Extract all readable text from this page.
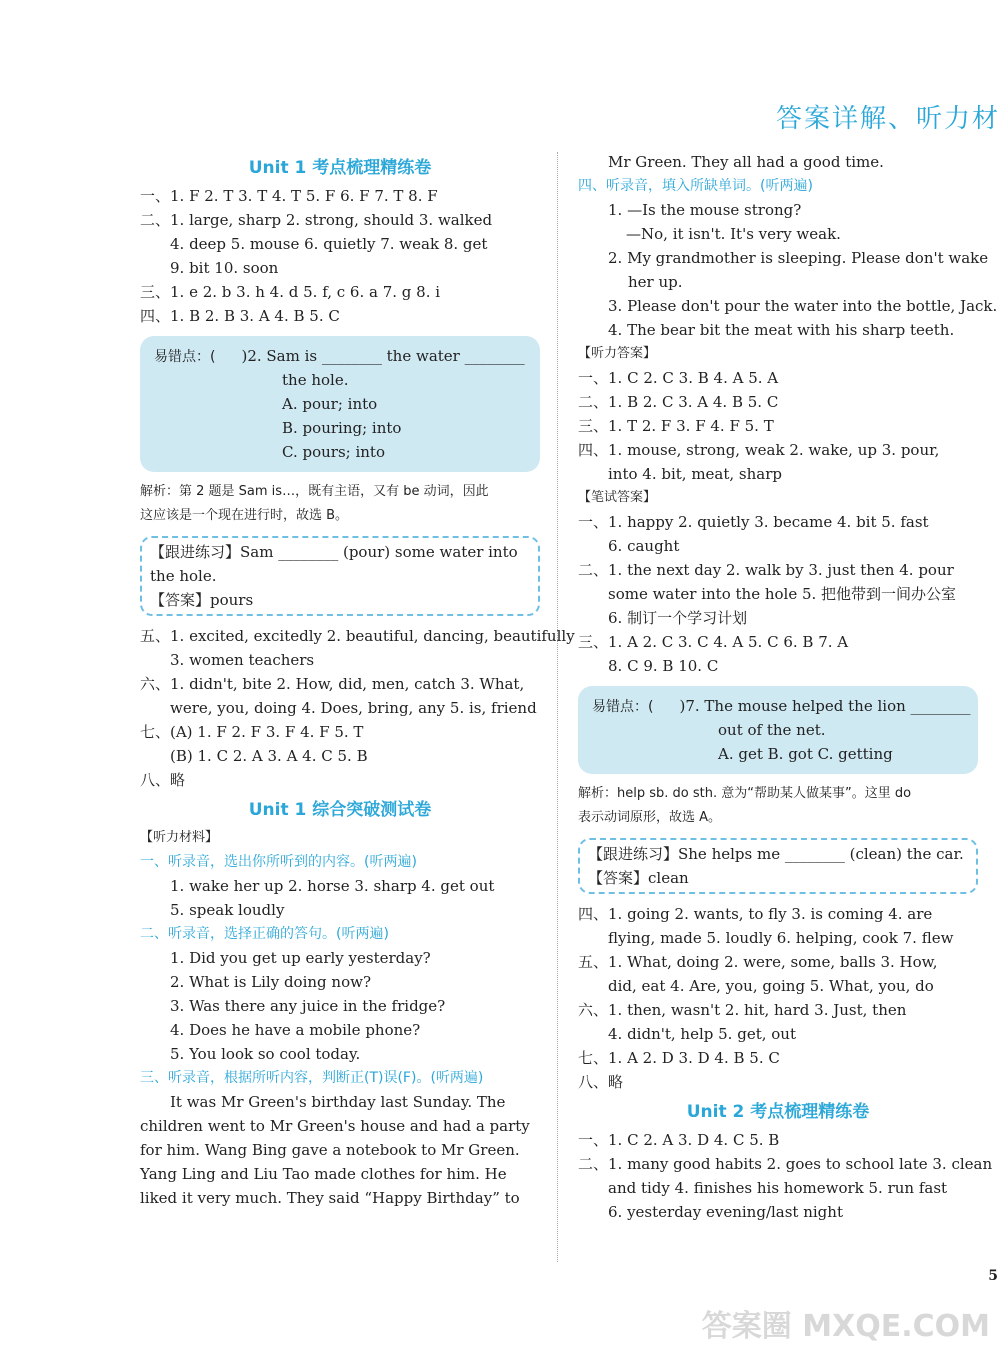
答案详解、听力材
Unit 1 考点梳理精练卷
一、1. F 2. T 3. T 4. T 5. F 6. F 7. T 8. F
二、1. large, sharp 2. strong, should 3. walked
4. deep 5. mouse 6. quietly 7. weak 8. get
9. bit 10. soon
三、1. e 2. b 3. h 4. d 5. f, c 6. a 7. g 8. i
四、1. B 2. B 3. A 4. B 5. C
易错点：( )2. Sam is ________ the water ________
the hole.
A. pour; into
B. pouring; into
C. pours; into
解析：第 2 题是 Sam is…，既有主语，又有 be 动词，因此
这应该是一个现在进行时，故选 B。
【跟进练习】Sam ________ (pour) some water into
the hole.
【答案】pours
五、1. excited, excitedly 2. beautiful, dancing, beautifully
3. women teachers
六、1. didn't, bite 2. How, did, men, catch 3. What,
were, you, doing 4. Does, bring, any 5. is, friend
七、(A) 1. F 2. F 3. F 4. F 5. T
(B) 1. C 2. A 3. A 4. C 5. B
八、略
Unit 1 综合突破测试卷
【听力材料】
一、听录音，选出你所听到的内容。(听两遍)
1. wake her up 2. horse 3. sharp 4. get out
5. speak loudly
二、听录音，选择正确的答句。(听两遍)
1. Did you get up early yesterday?
2. What is Lily doing now?
3. Was there any juice in the fridge?
4. Does he have a mobile phone?
5. You look so cool today.
三、听录音，根据所听内容，判断正(T)误(F)。(听两遍)
It was Mr Green's birthday last Sunday. The
children went to Mr Green's house and had a party
for him. Wang Bing gave a notebook to Mr Green.
Yang Ling and Liu Tao made clothes for him. He
liked it very much. They said “Happy Birthday” to
Mr Green. They all had a good time.
四、听录音，填入所缺单词。(听两遍)
1. —Is the mouse strong?
—No, it isn't. It's very weak.
2. My grandmother is sleeping. Please don't wake
her up.
3. Please don't pour the water into the bottle, Jack.
4. The bear bit the meat with his sharp teeth.
【听力答案】
一、1. C 2. C 3. B 4. A 5. A
二、1. B 2. C 3. A 4. B 5. C
三、1. T 2. F 3. F 4. F 5. T
四、1. mouse, strong, weak 2. wake, up 3. pour,
into 4. bit, meat, sharp
【笔试答案】
一、1. happy 2. quietly 3. became 4. bit 5. fast
6. caught
二、1. the next day 2. walk by 3. just then 4. pour
some water into the hole 5. 把他带到一间办公室
6. 制订一个学习计划
三、1. A 2. C 3. C 4. A 5. C 6. B 7. A
8. C 9. B 10. C
易错点：( )7. The mouse helped the lion ________
out of the net.
A. get B. got C. getting
解析：help sb. do sth. 意为“帮助某人做某事”。这里 do
表示动词原形，故选 A。
【跟进练习】She helps me ________ (clean) the car.
【答案】clean
四、1. going 2. wants, to fly 3. is coming 4. are
flying, made 5. loudly 6. helping, cook 7. flew
五、1. What, doing 2. were, some, balls 3. How,
did, eat 4. Are, you, going 5. What, you, do
六、1. then, wasn't 2. hit, hard 3. Just, then
4. didn't, help 5. get, out
七、1. A 2. D 3. D 4. B 5. C
八、略
Unit 2 考点梳理精练卷
一、1. C 2. A 3. D 4. C 5. B
二、1. many good habits 2. goes to school late 3. clean
and tidy 4. finishes his homework 5. run fast
6. yesterday evening/last night
5
答案圈 MXQE.COM
